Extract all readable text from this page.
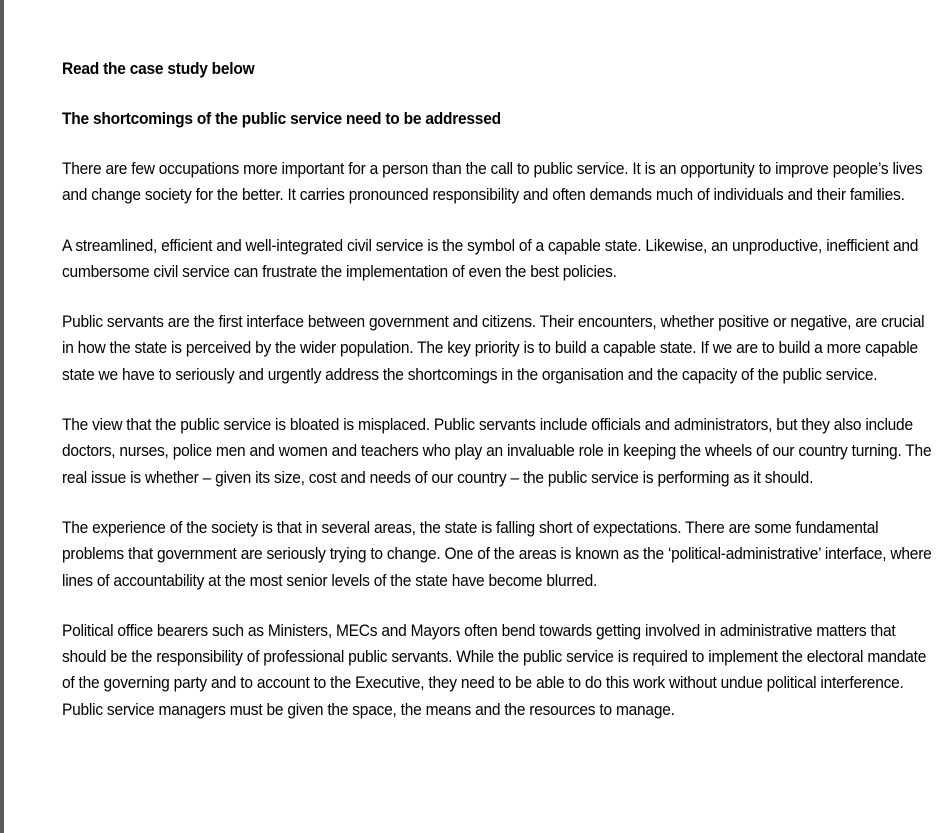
Read the case study below

The shortcomings of the public service need to be addressed

There are few occupations more important for a person than the call to public service. It is an opportunity to improve people’s lives and change society for the better. It carries pronounced responsibility and often demands much of individuals and their families.

A streamlined, efficient and well-integrated civil service is the symbol of a capable state. Likewise, an unproductive, inefficient and cumbersome civil service can frustrate the implementation of even the best policies.

Public servants are the first interface between government and citizens. Their encounters, whether positive or negative, are crucial in how the state is perceived by the wider population. The key priority is to build a capable state. If we are to build a more capable state we have to seriously and urgently address the shortcomings in the organisation and the capacity of the public service.

The view that the public service is bloated is misplaced. Public servants include officials and administrators, but they also include doctors, nurses, police men and women and teachers who play an invaluable role in keeping the wheels of our country turning. The real issue is whether – given its size, cost and needs of our country – the public service is performing as it should.

The experience of the society is that in several areas, the state is falling short of expectations. There are some fundamental problems that government are seriously trying to change. One of the areas is known as the ‘political-administrative’ interface, where lines of accountability at the most senior levels of the state have become blurred.

Political office bearers such as Ministers, MECs and Mayors often bend towards getting involved in administrative matters that should be the responsibility of professional public servants. While the public service is required to implement the electoral mandate of the governing party and to account to the Executive, they need to be able to do this work without undue political interference. Public service managers must be given the space, the means and the resources to manage.
